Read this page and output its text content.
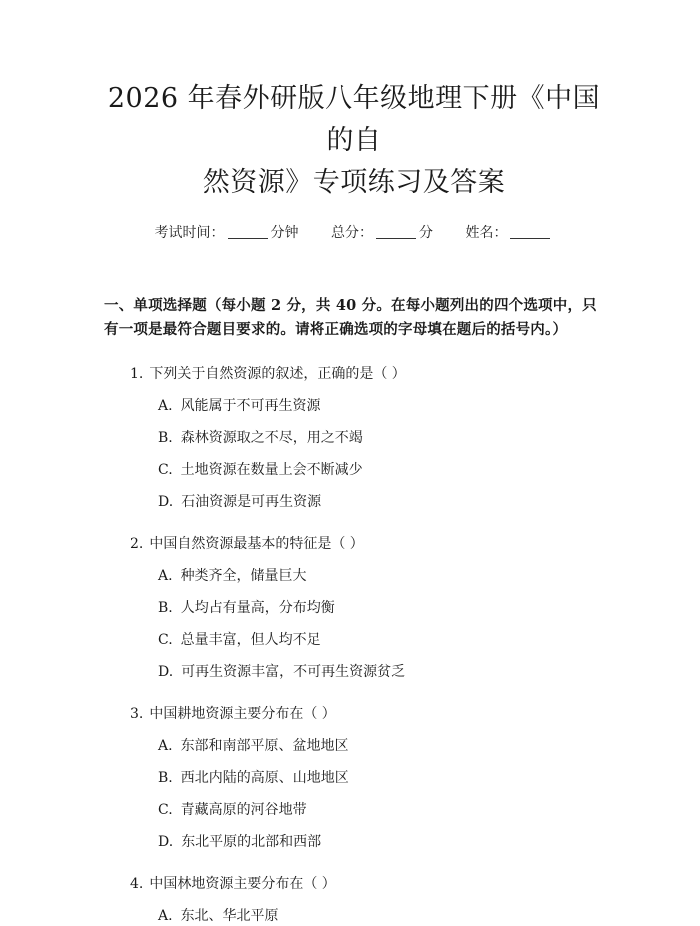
2026 年春外研版八年级地理下册《中国的自
然资源》专项练习及答案
考试时间：	分钟 总分：	分 姓名：
一、单项选择题（每小题 2 分，共 40 分。在每小题列出的四个选项中，只有一项是最符合题目要求的。请将正确选项的字母填在题后的括号内。）
1. 下列关于自然资源的叙述，正确的是（ ）
A. 风能属于不可再生资源
B. 森林资源取之不尽，用之不竭
C. 土地资源在数量上会不断减少
D. 石油资源是可再生资源
2. 中国自然资源最基本的特征是（ ）
A. 种类齐全，储量巨大
B. 人均占有量高，分布均衡
C. 总量丰富，但人均不足
D. 可再生资源丰富，不可再生资源贫乏
3. 中国耕地资源主要分布在（ ）
A. 东部和南部平原、盆地地区
B. 西北内陆的高原、山地地区
C. 青藏高原的河谷地带
D. 东北平原的北部和西部
4. 中国林地资源主要分布在（ ）
A. 东北、华北平原
